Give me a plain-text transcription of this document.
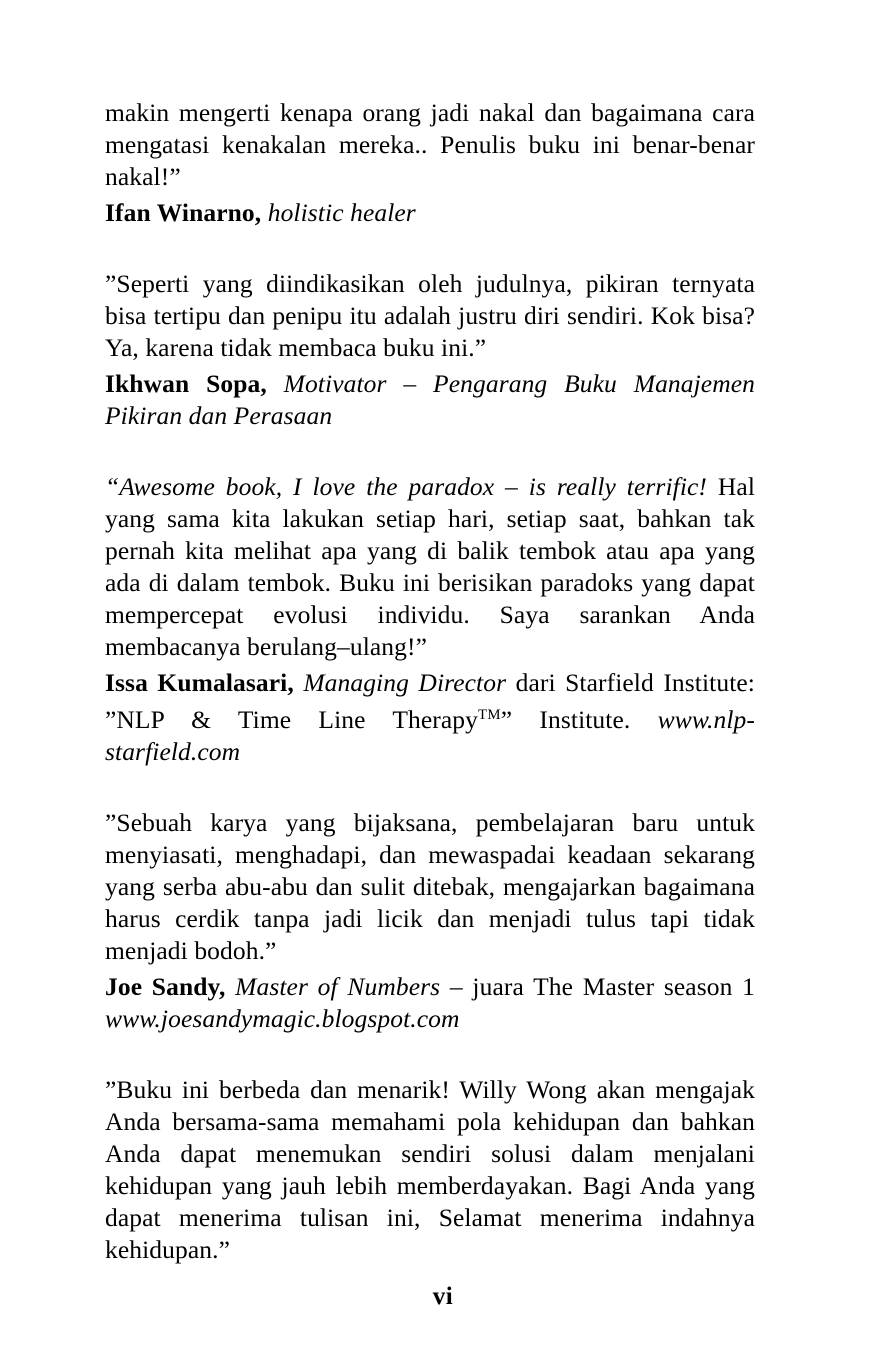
makin mengerti kenapa orang jadi nakal dan bagaimana cara mengatasi kenakalan mereka.. Penulis buku ini benar-benar nakal!”

Ifan Winarno, holistic healer

”Seperti yang diindikasikan oleh judulnya, pikiran ternyata bisa tertipu dan penipu itu adalah justru diri sendiri. Kok bisa? Ya, karena tidak membaca buku ini.”

Ikhwan Sopa, Motivator – Pengarang Buku Manajemen Pikiran dan Perasaan

“Awesome book, I love the paradox – is really terrific! Hal yang sama kita lakukan setiap hari, setiap saat, bahkan tak pernah kita melihat apa yang di balik tembok atau apa yang ada di dalam tembok. Buku ini berisikan paradoks yang dapat mempercepat evolusi individu. Saya sarankan Anda membacanya berulang–ulang!”

Issa Kumalasari, Managing Director dari Starfield Institute: ”NLP & Time Line Therapy™” Institute. www.nlp-starfield.com

”Sebuah karya yang bijaksana, pembelajaran baru untuk menyiasati, menghadapi, dan mewaspadai keadaan sekarang yang serba abu-abu dan sulit ditebak, mengajarkan bagaimana harus cerdik tanpa jadi licik dan menjadi tulus tapi tidak menjadi bodoh.”

Joe Sandy, Master of Numbers – juara The Master season 1 www.joesandymagic.blogspot.com

”Buku ini berbeda dan menarik! Willy Wong akan mengajak Anda bersama-sama memahami pola kehidupan dan bahkan Anda dapat menemukan sendiri solusi dalam menjalani kehidupan yang jauh lebih memberdayakan. Bagi Anda yang dapat menerima tulisan ini, Selamat menerima indahnya kehidupan.”

vi
